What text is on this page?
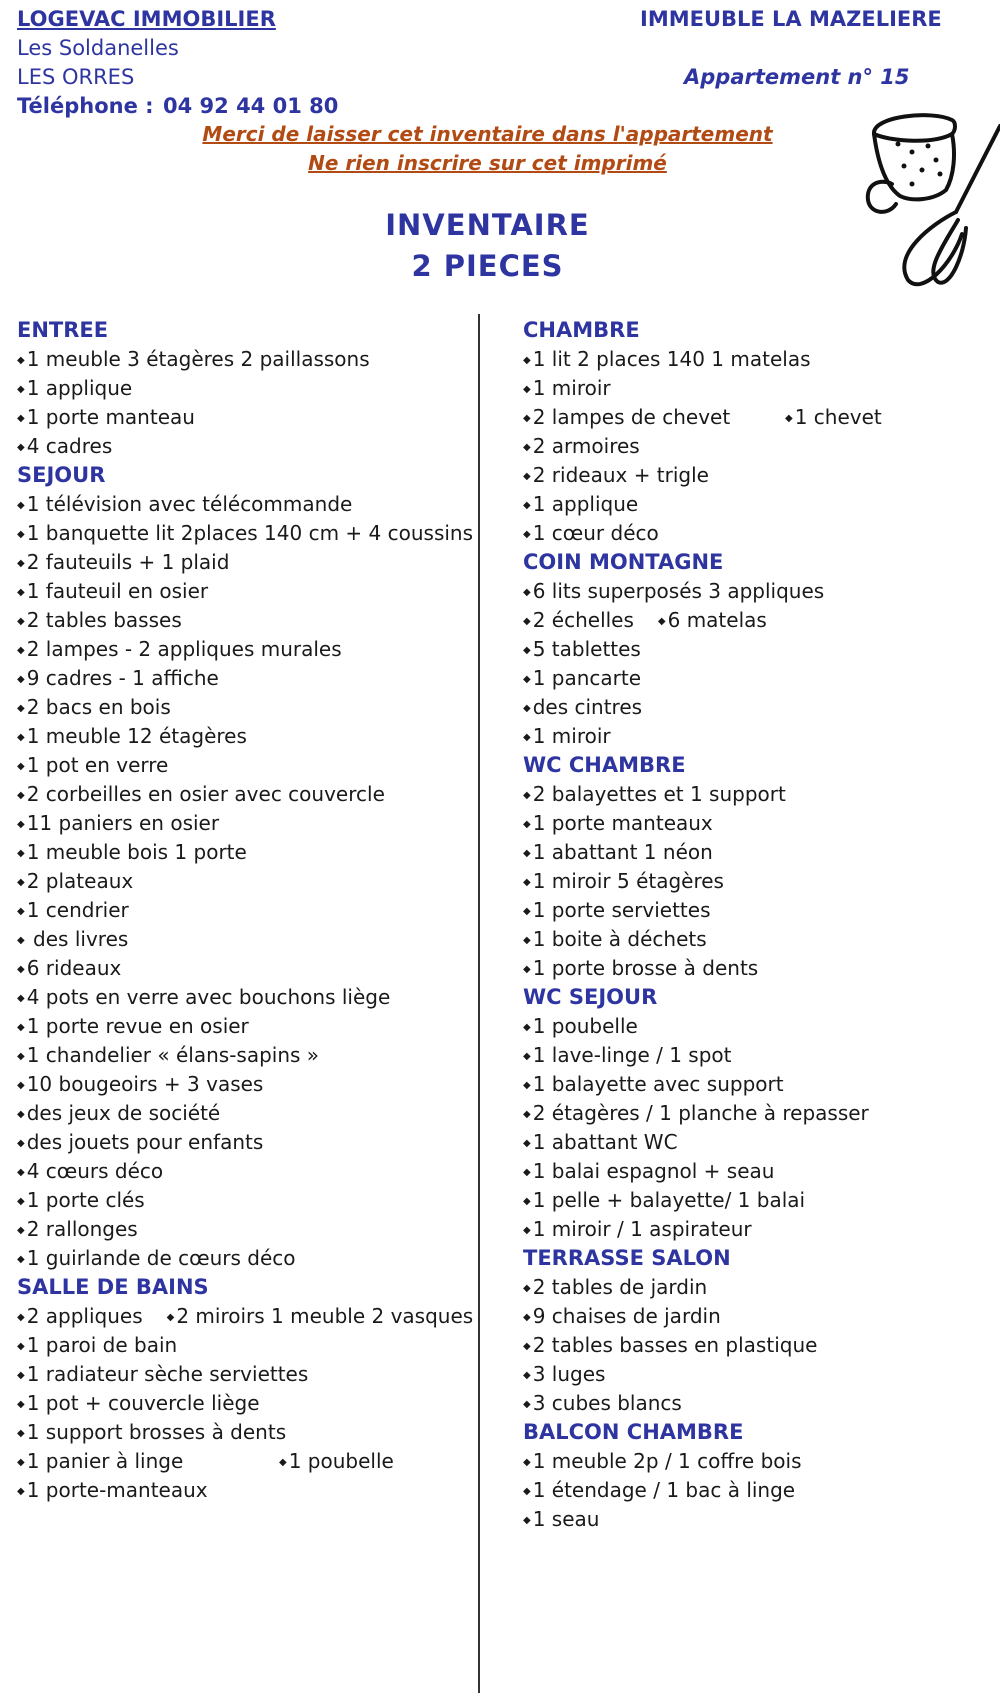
LOGEVAC IMMOBILIER
Les Soldanelles
LES ORRES
Téléphone : 04 92 44 01 80
IMMEUBLE LA MAZELIERE
Appartement n° 15
Merci de laisser cet inventaire dans l'appartement
Ne rien inscrire sur cet imprimé
INVENTAIRE
2 PIECES
ENTREE
◆ 1 meuble 3 étagères 2 paillassons
◆ 1 applique
◆ 1 porte manteau
◆ 4 cadres
SEJOUR
◆ 1 télévision avec télécommande
◆ 1 banquette lit 2places 140 cm + 4 coussins
◆ 2 fauteuils + 1 plaid
◆ 1 fauteuil en osier
◆ 2 tables basses
◆ 2 lampes - 2 appliques murales
◆ 9 cadres - 1 affiche
◆ 2 bacs en bois
◆ 1 meuble 12 étagères
◆ 1 pot en verre
◆ 2 corbeilles en osier avec couvercle
◆ 11 paniers en osier
◆ 1 meuble bois 1 porte
◆ 2 plateaux
◆ 1 cendrier
◆ des livres
◆ 6 rideaux
◆ 4 pots en verre avec bouchons liège
◆ 1 porte revue en osier
◆ 1 chandelier « élans-sapins »
◆ 10 bougeoirs + 3 vases
◆ des jeux de société
◆ des jouets pour enfants
◆ 4 cœurs déco
◆ 1 porte clés
◆ 2 rallonges
◆ 1 guirlande de cœurs déco
SALLE DE BAINS
◆ 2 appliques	◆ 2 miroirs 1 meuble 2 vasques
◆ 1 paroi de bain
◆ 1 radiateur sèche serviettes
◆ 1 pot + couvercle liège
◆ 1 support brosses à dents
◆ 1 panier à linge	◆ 1 poubelle
◆ 1 porte-manteaux
CHAMBRE
◆ 1 lit 2 places 140 1 matelas
◆ 1 miroir
◆ 2 lampes de chevet	◆ 1 chevet
◆ 2 armoires
◆ 2 rideaux + trigle
◆ 1 applique
◆ 1 cœur déco
COIN MONTAGNE
◆ 6 lits superposés 3 appliques
◆ 2 échelles	◆ 6 matelas
◆ 5 tablettes
◆ 1 pancarte
◆ des cintres
◆ 1 miroir
WC CHAMBRE
◆ 2 balayettes et 1 support
◆ 1 porte manteaux
◆ 1 abattant 1 néon
◆ 1 miroir 5 étagères
◆ 1 porte serviettes
◆ 1 boite à déchets
◆ 1 porte brosse à dents
WC SEJOUR
◆ 1 poubelle
◆ 1 lave-linge / 1 spot
◆ 1 balayette avec support
◆ 2 étagères / 1 planche à repasser
◆ 1 abattant WC
◆ 1 balai espagnol + seau
◆ 1 pelle + balayette/ 1 balai
◆ 1 miroir / 1 aspirateur
TERRASSE SALON
◆ 2 tables de jardin
◆ 9 chaises de jardin
◆ 2 tables basses en plastique
◆ 3 luges
◆ 3 cubes blancs
BALCON CHAMBRE
◆ 1 meuble 2p / 1 coffre bois
◆ 1 étendage / 1 bac à linge
◆ 1 seau
